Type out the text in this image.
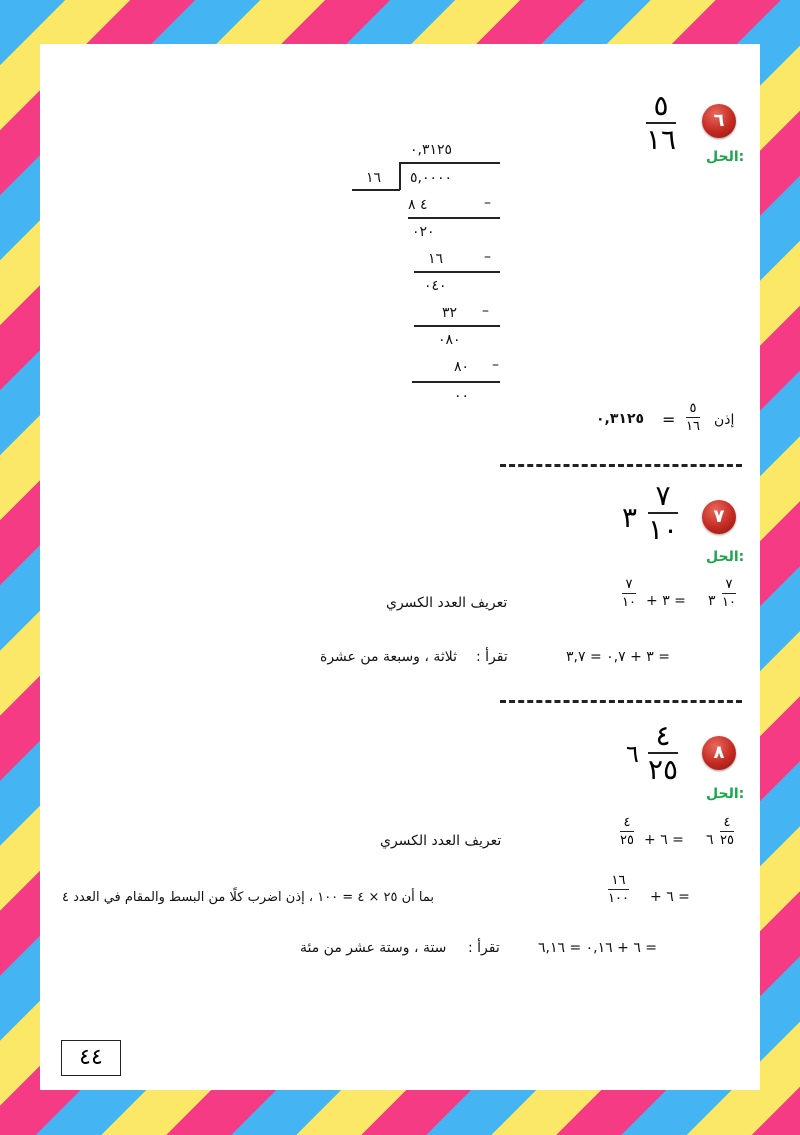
٦
٥
١٦
الحل:
٠,٣١٢٥
١٦ ٥,٠٠٠٠
٤ ٨	–
٠٢٠
١٦	–
٠٤٠
٣٢ –
٠٨٠
٨٠ –
٠٠
إذن
٥
١٦
=
٠,٣١٢٥
٧
٧
١٠
٣
الحل:
٧
١٠
٣
= ٣ +
٧
١٠
تعريف العدد الكسري
= ٣ + ٠,٧ = ٣,٧
تقرأ :
ثلاثة ، وسبعة من عشرة
٨
٤
٢٥
٦
الحل:
٤
٢٥
٦
= ٦ +
٤
٢٥
تعريف العدد الكسري
= ٦ +
١٦
١٠٠
بما أن ٢٥ × ٤ = ١٠٠ ، إذن اضرب كلًا من البسط والمقام في العدد ٤
= ٦ + ٠,١٦ = ٦,١٦
تقرأ :
ستة ، وستة عشر من مئة
٤٤
